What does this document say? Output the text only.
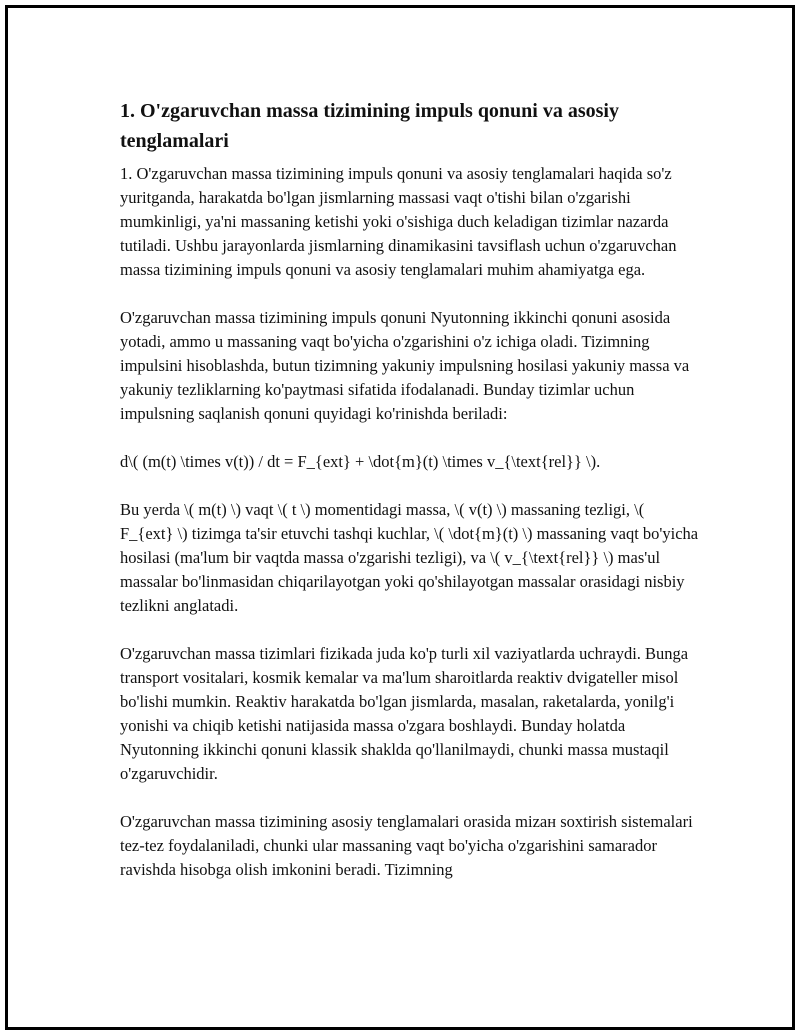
1. O'zgaruvchan massa tizimining impuls qonuni va asosiy tenglamalari

1. O'zgaruvchan massa tizimining impuls qonuni va asosiy tenglamalari haqida so'z yuritganda, harakatda bo'lgan jismlarning massasi vaqt o'tishi bilan o'zgarishi mumkinligi, ya'ni massaning ketishi yoki o'sishiga duch keladigan tizimlar nazarda tutiladi. Ushbu jarayonlarda jismlarning dinamikasini tavsiflash uchun o'zgaruvchan massa tizimining impuls qonuni va asosiy tenglamalari muhim ahamiyatga ega.

O'zgaruvchan massa tizimining impuls qonuni Nyutonning ikkinchi qonuni asosida yotadi, ammo u massaning vaqt bo'yicha o'zgarishini o'z ichiga oladi. Tizimning impulsini hisoblashda, butun tizimning yakuniy impulsning hosilasi yakuniy massa va yakuniy tezliklarning ko'paytmasi sifatida ifodalanadi. Bunday tizimlar uchun impulsning saqlanish qonuni quyidagi ko'rinishda beriladi:

d\( (m(t) \times v(t)) / dt = F_{ext} + \dot{m}(t) \times v_{\text{rel}} \).

Bu yerda \( m(t) \) vaqt \( t \) momentidagi massa, \( v(t) \) massaning tezligi, \( F_{ext} \) tizimga ta'sir etuvchi tashqi kuchlar, \( \dot{m}(t) \) massaning vaqt bo'yicha hosilasi (ma'lum bir vaqtda massa o'zgarishi tezligi), va \( v_{\text{rel}} \) mas'ul massalar bo'linmasidan chiqarilayotgan yoki qo'shilayotgan massalar orasidagi nisbiy tezlikni anglatadi.

O'zgaruvchan massa tizimlari fizikada juda ko'p turli xil vaziyatlarda uchraydi. Bunga transport vositalari, kosmik kemalar va ma'lum sharoitlarda reaktiv dvigateller misol bo'lishi mumkin. Reaktiv harakatda bo'lgan jismlarda, masalan, raketalarda, yonilg'i yonishi va chiqib ketishi natijasida massa o'zgara boshlaydi. Bunday holatda Nyutonning ikkinchi qonuni klassik shaklda qo'llanilmaydi, chunki massa mustaqil o'zgaruvchidir.

O'zgaruvchan massa tizimining asosiy tenglamalari orasida mizaн soxtirish sistemalari tez-tez foydalaniladi, chunki ular massaning vaqt bo'yicha o'zgarishini samarador ravishda hisobga olish imkonini beradi. Tizimning
